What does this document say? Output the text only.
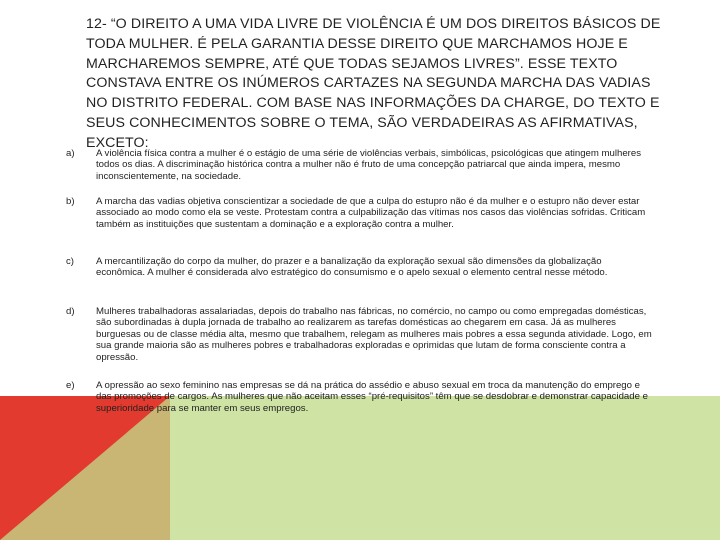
12- “O DIREITO A UMA VIDA LIVRE DE VIOLÊNCIA É UM DOS DIREITOS BÁSICOS DE TODA MULHER. É PELA GARANTIA DESSE DIREITO QUE MARCHAMOS HOJE E MARCHAREMOS SEMPRE, ATÉ QUE TODAS SEJAMOS LIVRES”. ESSE TEXTO CONSTAVA ENTRE OS INÚMEROS CARTAZES NA SEGUNDA MARCHA DAS VADIAS NO DISTRITO FEDERAL. COM BASE NAS INFORMAÇÕES DA CHARGE, DO TEXTO E SEUS CONHECIMENTOS SOBRE O TEMA, SÃO VERDADEIRAS AS AFIRMATIVAS, EXCETO:
a) A violência física contra a mulher é o estágio de uma série de violências verbais, simbólicas, psicológicas que atingem mulheres todos os dias. A discriminação histórica contra a mulher não é fruto de uma concepção patriarcal que ainda impera, mesmo inconscientemente, na sociedade.
b) A marcha das vadias objetiva conscientizar a sociedade de que a culpa do estupro não é da mulher e o estupro não dever estar associado ao modo como ela se veste. Protestam contra a culpabilização das vítimas nos casos das violências sofridas. Criticam também as instituições que sustentam a dominação e a exploração contra a mulher.
c) A mercantilização do corpo da mulher, do prazer e a banalização da exploração sexual são dimensões da globalização econômica. A mulher é considerada alvo estratégico do consumismo e o apelo sexual o elemento central nesse método.
d) Mulheres trabalhadoras assalariadas, depois do trabalho nas fábricas, no comércio, no campo ou como empregadas domésticas, são subordinadas à dupla jornada de trabalho ao realizarem as tarefas domésticas ao chegarem em casa. Já as mulheres burguesas ou de classe média alta, mesmo que trabalhem, relegam as mulheres mais pobres a essa segunda atividade. Logo, em sua grande maioria são as mulheres pobres e trabalhadoras exploradas e oprimidas que lutam de forma consciente contra a opressão.
e) A opressão ao sexo feminino nas empresas se dá na prática do assédio e abuso sexual em troca da manutenção do emprego e das promoções de cargos. As mulheres que não aceitam esses “pré-requisitos” têm que se desdobrar e demonstrar capacidade e superioridade para se manter em seus empregos.
